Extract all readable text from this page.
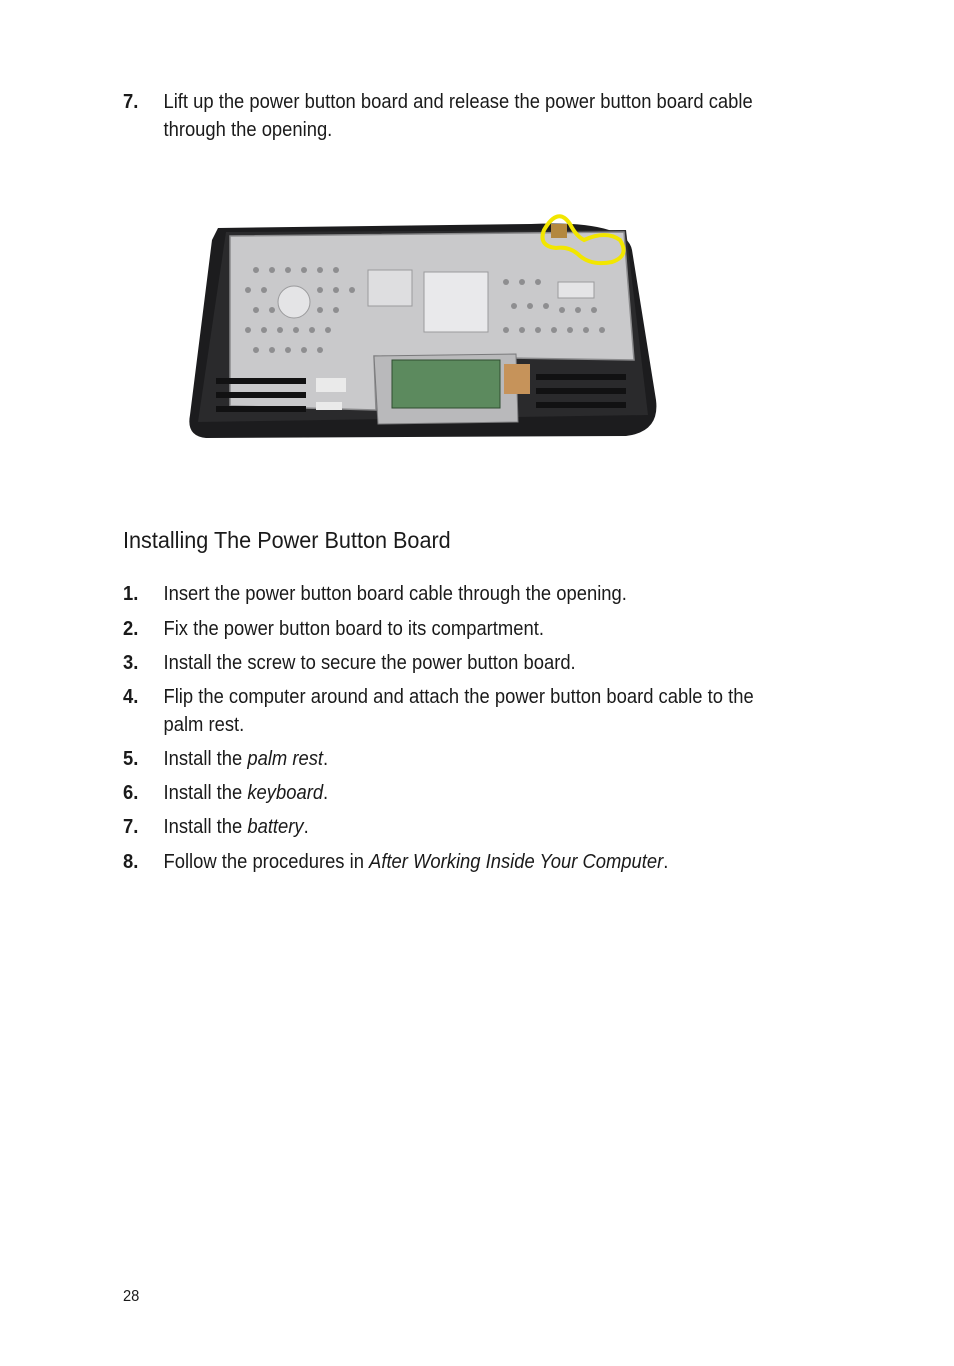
7. Lift up the power button board and release the power button board cable through the opening.
Installing The Power Button Board
1. Insert the power button board cable through the opening.
2. Fix the power button board to its compartment.
3. Install the screw to secure the power button board.
4. Flip the computer around and attach the power button board cable to the palm rest.
5. Install the palm rest.
6. Install the keyboard.
7. Install the battery.
8. Follow the procedures in After Working Inside Your Computer.
28
